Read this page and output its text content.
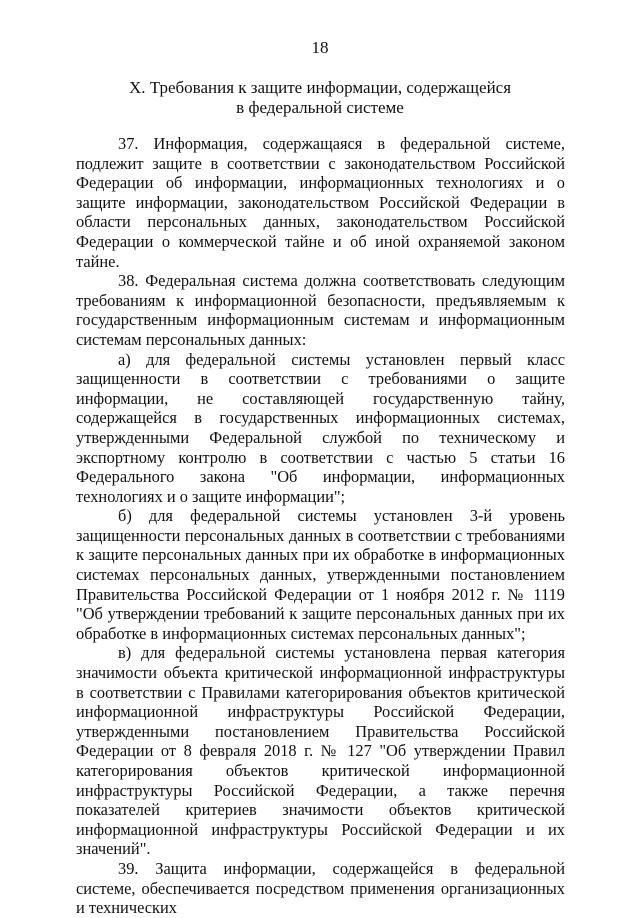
18
X. Требования к защите информации, содержащейся
в федеральной системе

37. Информация, содержащаяся в федеральной системе, подлежит защите в соответствии с законодательством Российской Федерации об информации, информационных технологиях и о защите информации, законодательством Российской Федерации в области персональных данных, законодательством Российской Федерации о коммерческой тайне и об иной охраняемой законом тайне.

38. Федеральная система должна соответствовать следующим требованиям к информационной безопасности, предъявляемым к государственным информационным системам и информационным системам персональных данных:

а) для федеральной системы установлен первый класс защищенности в соответствии с требованиями о защите информации, не составляющей государственную тайну, содержащейся в государственных информационных системах, утвержденными Федеральной службой по техническому и экспортному контролю в соответствии с частью 5 статьи 16 Федерального закона "Об информации, информационных технологиях и о защите информации";

б) для федеральной системы установлен 3-й уровень защищенности персональных данных в соответствии с требованиями к защите персональных данных при их обработке в информационных системах персональных данных, утвержденными постановлением Правительства Российской Федерации от 1 ноября 2012 г. № 1119 "Об утверждении требований к защите персональных данных при их обработке в информационных системах персональных данных";

в) для федеральной системы установлена первая категория значимости объекта критической информационной инфраструктуры в соответствии с Правилами категорирования объектов критической информационной инфраструктуры Российской Федерации, утвержденными постановлением Правительства Российской Федерации от 8 февраля 2018 г. № 127 "Об утверждении Правил категорирования объектов критической информационной инфраструктуры Российской Федерации, а также перечня показателей критериев значимости объектов критической информационной инфраструктуры Российской Федерации и их значений".

39. Защита информации, содержащейся в федеральной системе, обеспечивается посредством применения организационных и технических
